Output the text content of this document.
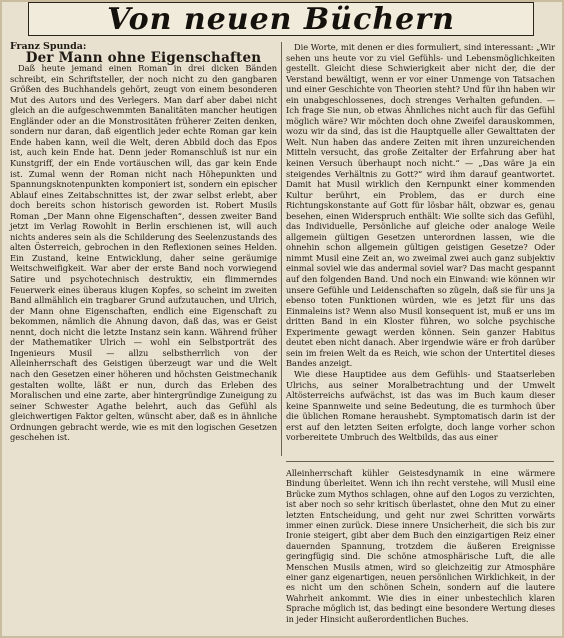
Von neuen Büchern

Franz Spunda:

Der Mann ohne Eigenschaften

Daß heute jemand einen Roman in drei dicken Bänden schreibt, ein Schriftsteller, der noch nicht zu den gangbaren Größen des Buchhandels gehört, zeugt von einem besonderen Mut des Autors und des Verlegers. Man darf aber dabei nicht gleich an die aufgeschwemmten Banalitäten mancher heutigen Engländer oder an die Monstrositäten früherer Zeiten denken, sondern nur daran, daß eigentlich jeder echte Roman gar kein Ende haben kann, weil die Welt, deren Abbild doch das Epos ist, auch kein Ende hat. Denn jeder Romanschluß ist nur ein Kunstgriff, der ein Ende vortäuschen will, das gar kein Ende ist. Zumal wenn der Roman nicht nach Höhepunkten und Spannungsknotenpunkten komponiert ist, sondern ein epischer Ablauf eines Zeitabschnittes ist, der zwar selbst erlebt, aber doch bereits schon historisch geworden ist. Robert Musils Roman „Der Mann ohne Eigenschaften“, dessen zweiter Band jetzt im Verlag Rowohlt in Berlin erschienen ist, will auch nichts anderes sein als die Schilderung des Seelenzustands des alten Österreich, gebrochen in den Reflexionen seines Helden. Ein Zustand, keine Entwicklung, daher seine geräumige Weitschweifigkeit. War aber der erste Band noch vorwiegend Satire und psychotechnisch destruktiv, ein flimmerndes Feuerwerk eines überaus klugen Kopfes, so scheint im zweiten Band allmählich ein tragbarer Grund aufzutauchen, und Ulrich, der Mann ohne Eigenschaften, endlich eine Eigenschaft zu bekommen, nämlich die Ahnung davon, daß das, was er Geist nennt, doch nicht die letzte Instanz sein kann. Während früher der Mathematiker Ulrich — wohl ein Selbstporträt des Ingenieurs Musil — allzu selbstherrlich von der Alleinherrschaft des Geistigen überzeugt war und die Welt nach den Gesetzen einer höheren und höchsten Geistmechanik gestalten wollte, läßt er nun, durch das Erleben des Moralischen und eine zarte, aber hintergründige Zuneigung zu seiner Schwester Agathe belehrt, auch das Gefühl als gleichwertigen Faktor gelten, wünscht aber, daß es in ähnliche Ordnungen gebracht werde, wie es mit den logischen Gesetzen geschehen ist.

Die Worte, mit denen er dies formuliert, sind interessant: „Wir sehen uns heute vor zu viel Gefühls- und Lebensmöglichkeiten gestellt. Gleicht diese Schwierigkeit aber nicht der, die der Verstand bewältigt, wenn er vor einer Unmenge von Tatsachen und einer Geschichte von Theorien steht? Und für ihn haben wir ein unabgeschlossenes, doch strenges Verhalten gefunden. — Ich frage Sie nun, ob etwas Ähnliches nicht auch für das Gefühl möglich wäre? Wir möchten doch ohne Zweifel darauskommen, wozu wir da sind, das ist die Hauptquelle aller Gewalttaten der Welt. Nun haben das andere Zeiten mit ihren unzureichenden Mitteln versucht, das große Zeitalter der Erfahrung aber hat keinen Versuch überhaupt noch nicht.“ — „Das wäre ja ein steigendes Verhältnis zu Gott?“ wird ihm darauf geantwortet. Damit hat Musil wirklich den Kernpunkt einer kommenden Kultur berührt, ein Problem, das er durch eine Richtungskonstante auf Gott für lösbar hält, obzwar es, genau besehen, einen Widerspruch enthält: Wie sollte sich das Gefühl, das Individuelle, Persönliche auf gleiche oder analoge Weile allgemein gültigen Gesetzen unterordnen lassen, wie die ohnehin schon allgemein gültigen geistigen Gesetze? Oder nimmt Musil eine Zeit an, wo zweimal zwei auch ganz subjektiv einmal soviel wie das andermal soviel war? Das macht gespannt auf den folgenden Band. Und noch ein Einwand: wie können wir unsere Gefühle und Leidenschaften so zügeln, daß sie für uns ja ebenso toten Funktionen würden, wie es jetzt für uns das Einmaleins ist? Wenn also Musil konsequent ist, muß er uns im dritten Band in ein Kloster führen, wo solche psychische Experimente gewagt werden können. Sein ganzer Habitus deutet eben nicht danach. Aber irgendwie wäre er froh darüber sein im freien Welt da es Reich, wie schon der Untertitel dieses Bandes anzeigt.

Wie diese Hauptidee aus dem Gefühls- und Staatserleben Ulrichs, aus seiner Moralbetrachtung und der Umwelt Altösterreichs aufwächst, ist das was im Buch kaum dieser keine Spannweite und seine Bedeutung, die es turmhoch über die üblichen Romane heraushebt. Symptomatisch darin ist der erst auf den letzten Seiten erfolgte, doch lange vorher schon vorbereitete Umbruch des Weltbilds, das aus einer

Alleinherrschaft kühler Geistesdynamik in eine wärmere Bindung überleitet. Wenn ich ihn recht verstehe, will Musil eine Brücke zum Mythos schlagen, ohne auf den Logos zu verzichten, ist aber noch so sehr kritisch überlastet, ohne den Mut zu einer letzten Entscheidung, und geht nur zwei Schritten vorwärts immer einen zurück. Diese innere Unsicherheit, die sich bis zur Ironie steigert, gibt aber dem Buch den einzigartigen Reiz einer dauernden Spannung, trotzdem die äußeren Ereignisse geringfügig sind. Die schöne atmosphärische Luft, die alle Menschen Musils atmen, wird so gleichzeitig zur Atmosphäre einer ganz eigenartigen, neuen persönlichen Wirklichkeit, in der es nicht um den schönen Schein, sondern auf die lautere Wahrheit ankommt. Wie dies in einer unbestechlich klaren Sprache möglich ist, das bedingt eine besondere Wertung dieses in jeder Hinsicht außerordentlichen Buches.
